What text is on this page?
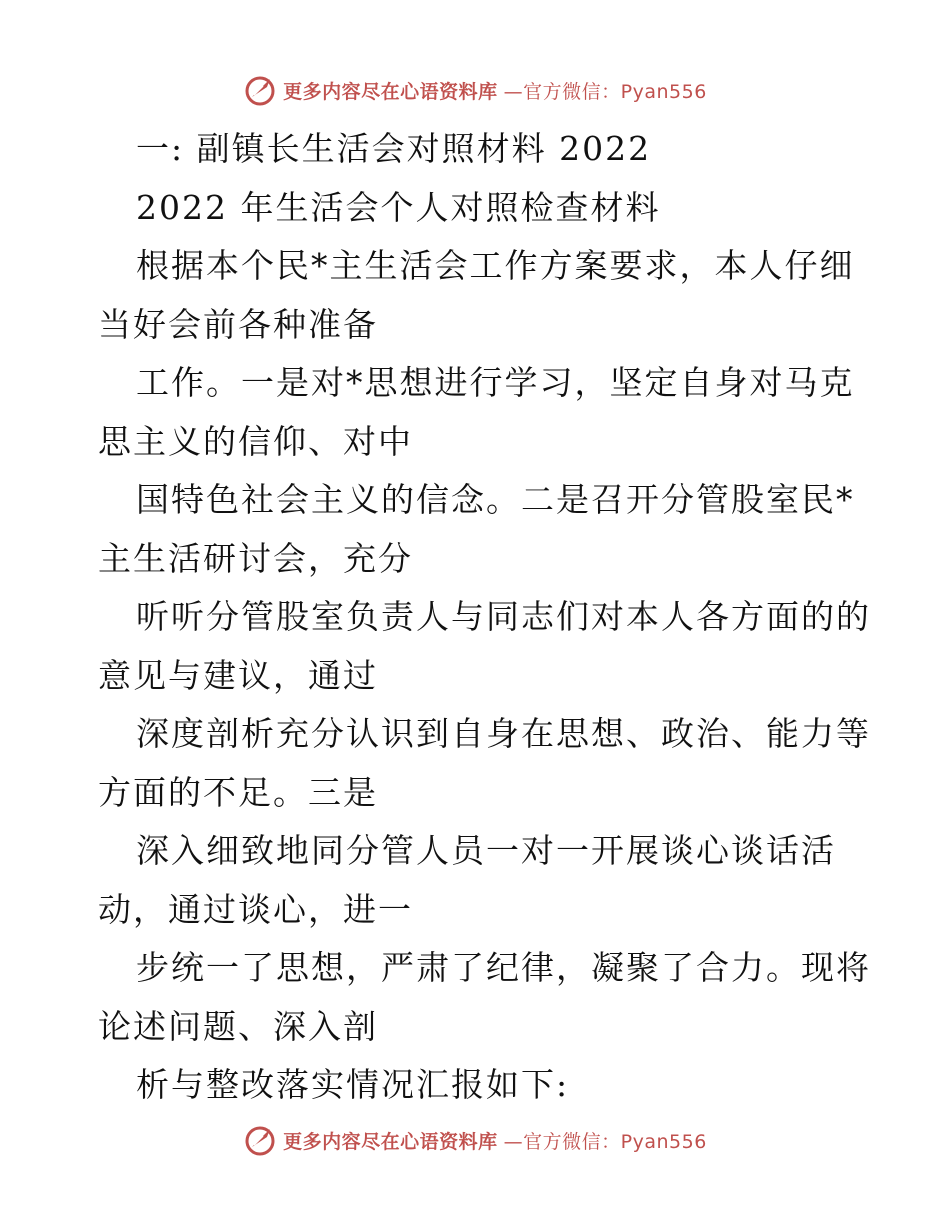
更多内容尽在心语资料库 —官方微信：Pyan556
一: 副镇长生活会对照材料 2022
2022 年生活会个人对照检查材料
根据本个民*主生活会工作方案要求，本人仔细
当好会前各种准备
工作。一是对*思想进行学习，坚定自身对马克
思主义的信仰、对中
国特色社会主义的信念。二是召开分管股室民*
主生活研讨会，充分
听听分管股室负责人与同志们对本人各方面的的
意见与建议，通过
深度剖析充分认识到自身在思想、政治、能力等
方面的不足。三是
深入细致地同分管人员一对一开展谈心谈话活
动，通过谈心，进一
步统一了思想，严肃了纪律，凝聚了合力。现将
论述问题、深入剖
析与整改落实情况汇报如下:
更多内容尽在心语资料库 —官方微信：Pyan556
